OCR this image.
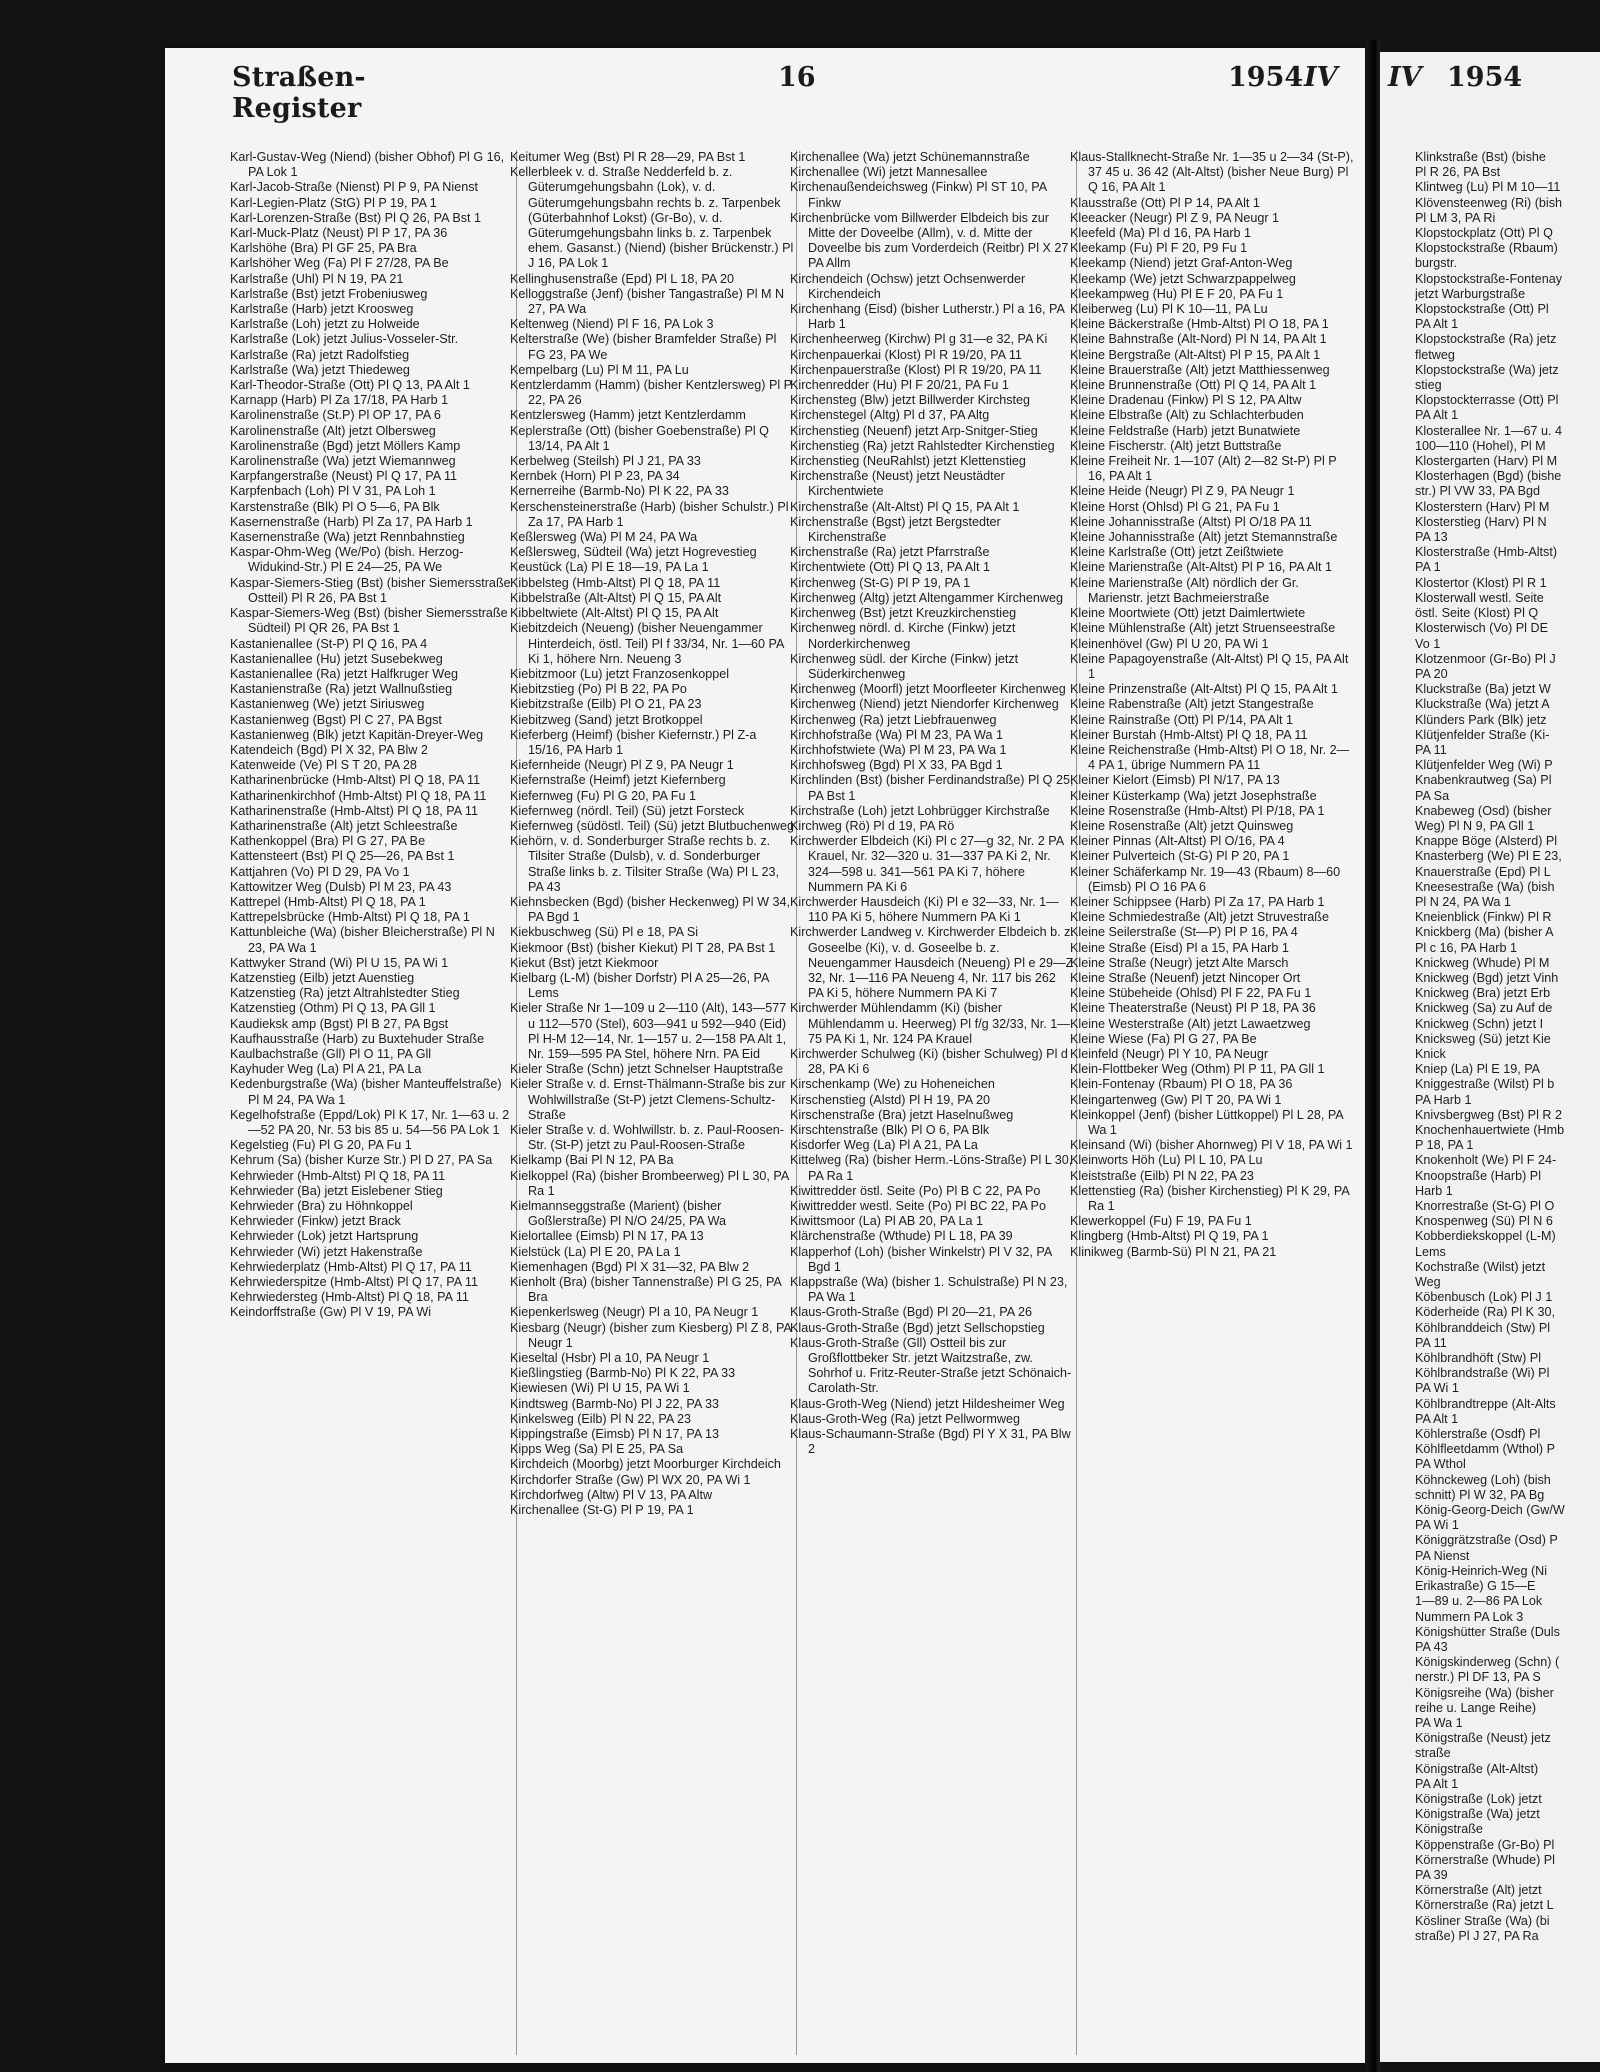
Straßen-Register
16	1954 IV IV 1954

Karl-Gustav-Weg (Niend) (bisher Obhof) Pl G 16, PA Lok 1

Karl-Jacob-Straße (Nienst) Pl P 9, PA Nienst

Karl-Legien-Platz (StG) Pl P 19, PA 1

Karl-Lorenzen-Straße (Bst) Pl Q 26, PA Bst 1

Karl-Muck-Platz (Neust) Pl P 17, PA 36

Karlshöhe (Bra) Pl GF 25, PA Bra

Karlshöher Weg (Fa) Pl F 27/28, PA Be

Karlstraße (Uhl) Pl N 19, PA 21

Karlstraße (Bst) jetzt Frobeniusweg

Karlstraße (Harb) jetzt Kroosweg

Karlstraße (Loh) jetzt zu Holweide

Karlstraße (Lok) jetzt Julius-Vosseler-Str.

Karlstraße (Ra) jetzt Radolfstieg

Karlstraße (Wa) jetzt Thiedeweg

Karl-Theodor-Straße (Ott) Pl Q 13, PA Alt 1

Karnapp (Harb) Pl Za 17/18, PA Harb 1

Karolinenstraße (St.P) Pl OP 17, PA 6

Karolinenstraße (Alt) jetzt Olberswеg

Karolinenstraße (Bgd) jetzt Möllers Kamp

Karolinenstraße (Wa) jetzt Wiemannweg

Karpfangerstraße (Neust) Pl Q 17, PA 11

Karpfenbach (Loh) Pl V 31, PA Loh 1

Karstenstraße (Blk) Pl O 5—6, PA Blk

Kasernenstraße (Harb) Pl Za 17, PA Harb 1

Kasernenstraße (Wa) jetzt Rennbahnstieg

Kaspar-Ohm-Weg (We/Po) (bish. Herzog-Widukind-Str.) Pl E 24—25, PA We

Kaspar-Siemers-Stieg (Bst) (bisher Siemersstraße Ostteil) Pl R 26, PA Bst 1

Kaspar-Siemers-Weg (Bst) (bisher Siemersstraße Südteil) Pl QR 26, PA Bst 1

Kastanienallee (St-P) Pl Q 16, PA 4

Kastanienallee (Hu) jetzt Susebekweg

Kastanienallee (Ra) jetzt Halfkruger Weg

Kastanienstraße (Ra) jetzt Wallnußstieg

Kastanienweg (We) jetzt Siriusweg

Kastanienweg (Bgst) Pl C 27, PA Bgst

Kastanienweg (Blk) jetzt Kapitän-Dreyer-Weg

Katendeich (Bgd) Pl X 32, PA Blw 2

Katenweide (Ve) Pl S T 20, PA 28

Katharinenbrücke (Hmb-Altst) Pl Q 18, PA 11

Katharinenkirchhof (Hmb-Altst) Pl Q 18, PA 11

Katharinenstraße (Hmb-Altst) Pl Q 18, PA 11

Katharinenstraße (Alt) jetzt Schleestraße

Kathenkoppel (Bra) Pl G 27, PA Be

Kattensteert (Bst) Pl Q 25—26, PA Bst 1

Kattjahren (Vo) Pl D 29, PA Vo 1

Kattowitzer Weg (Dulsb) Pl M 23, PA 43

Kattrepel (Hmb-Altst) Pl Q 18, PA 1

Kattrepelsbrücke (Hmb-Altst) Pl Q 18, PA 1

Kattunbleiche (Wa) (bisher Bleicherstraße) Pl N 23, PA Wa 1

Kattwyker Strand (Wi) Pl U 15, PA Wi 1

Katzenstieg (Eilb) jetzt Auenstieg

Katzenstieg (Ra) jetzt Altrahlstedter Stieg

Katzenstieg (Othm) Pl Q 13, PA Gll 1

Kaudieksk amp (Bgst) Pl B 27, PA Bgst

Kaufhausstraße (Harb) zu Buxtehuder Straße

Kaulbachstraße (Gll) Pl O 11, PA Gll

Kayhuder Weg (La) Pl A 21, PA La

Kedenburgstraße (Wa) (bisher Manteuffelstraße) Pl M 24, PA Wa 1

Kegelhofstraße (Eppd/Lok) Pl K 17, Nr. 1—63 u. 2—52 PA 20, Nr. 53 bis 85 u. 54—56 PA Lok 1

Kegelstieg (Fu) Pl G 20, PA Fu 1

Kehrum (Sa) (bisher Kurze Str.) Pl D 27, PA Sa

Kehrwieder (Hmb-Altst) Pl Q 18, PA 11

Kehrwieder (Ba) jetzt Eislebener Stieg

Kehrwieder (Bra) zu Höhnkoppel

Kehrwieder (Finkw) jetzt Brack

Kehrwieder (Lok) jetzt Hartsprung

Kehrwieder (Wi) jetzt Hakenstraße

Kehrwiederplatz (Hmb-Altst) Pl Q 17, PA 11

Kehrwiederspitze (Hmb-Altst) Pl Q 17, PA 11

Kehrwiedersteg (Hmb-Altst) Pl Q 18, PA 11

Keindorffstraße (Gw) Pl V 19, PA Wi

Keitumer Weg (Bst) Pl R 28—29, PA Bst 1

Kellerbleek v. d. Straße Nedderfeld b. z. Güterumgehungsbahn (Lok), v. d. Güterumgehungsbahn rechts b. z. Tarpenbek (Güterbahnhof Lokst) (Gr-Bo), v. d. Güterumgehungsbahn links b. z. Tarpenbek ehem. Gasanst.) (Niend) (bisher Brückenstr.) Pl J 16, PA Lok 1

Kellinghusenstraße (Epd) Pl L 18, PA 20

Kelloggstraße (Jenf) (bisher Tangastraße) Pl M N 27, PA Wa

Keltenweg (Niend) Pl F 16, PA Lok 3

Kelterstraße (We) (bisher Bramfelder Straße) Pl FG 23, PA We

Kempelbarg (Lu) Pl M 11, PA Lu

Kentzlerdamm (Hamm) (bisher Kentzlersweg) Pl P 22, PA 26

Kentzlersweg (Hamm) jetzt Kentzlerdamm

Keplerstraße (Ott) (bisher Goebenstraße) Pl Q 13/14, PA Alt 1

Kerbelweg (Steilsh) Pl J 21, PA 33

Kernbek (Horn) Pl P 23, PA 34

Kernerreihe (Barmb-No) Pl K 22, PA 33

Kerschensteinerstraße (Harb) (bisher Schulstr.) Pl Za 17, PA Harb 1

Keßlersweg (Wa) Pl M 24, PA Wa

Keßlersweg, Südteil (Wa) jetzt Hogrevestieg

Keustück (La) Pl E 18—19, PA La 1

Kibbelsteg (Hmb-Altst) Pl Q 18, PA 11

Kibbelstraße (Alt-Altst) Pl Q 15, PA Alt

Kibbeltwiete (Alt-Altst) Pl Q 15, PA Alt

Kiebitzdeich (Neueng) (bisher Neuengammer Hinterdeich, östl. Teil) Pl f 33/34, Nr. 1—60 PA Ki 1, höhere Nrn. Neueng 3

Kiebitzmoor (Lu) jetzt Franzosenkoppel

Kiebitzstieg (Po) Pl B 22, PA Po

Kiebitzstraße (Eilb) Pl O 21, PA 23

Kiebitzweg (Sand) jetzt Brotkoppel

Kieferberg (Heimf) (bisher Kiefernstr.) Pl Z-a 15/16, PA Harb 1

Kiefernheide (Neugr) Pl Z 9, PA Neugr 1

Kiefernstraße (Heimf) jetzt Kiefernberg

Kiefernweg (Fu) Pl G 20, PA Fu 1

Kiefernweg (nördl. Teil) (Sü) jetzt Forsteck

Kiefernweg (südöstl. Teil) (Sü) jetzt Blutbuchenweg

Kiehörn, v. d. Sonderburger Straße rechts b. z. Tilsiter Straße (Dulsb), v. d. Sonderburger Straße links b. z. Tilsiter Straße (Wa) Pl L 23, PA 43

Kiehnsbecken (Bgd) (bisher Heckenweg) Pl W 34, PA Bgd 1

Kiekbuschweg (Sü) Pl e 18, PA Si

Kiekmoor (Bst) (bisher Kiekut) Pl T 28, PA Bst 1

Kiekut (Bst) jetzt Kiekmoor

Kielbarg (L-M) (bisher Dorfstr) Pl A 25—26, PA Lems

Kieler Straße Nr 1—109 u 2—110 (Alt), 143—577 u 112—570 (Stel), 603—941 u 592—940 (Eid) Pl H-M 12—14, Nr. 1—157 u. 2—158 PA Alt 1, Nr. 159—595 PA Stel, höhere Nrn. PA Eid

Kieler Straße (Schn) jetzt Schnelser Hauptstraße

Kieler Straße v. d. Ernst-Thälmann-Straße bis zur Wohlwillstraße (St-P) jetzt Clemens-Schultz-Straße

Kieler Straße v. d. Wohlwillstr. b. z. Paul-Roosen-Str. (St-P) jetzt zu Paul-Roosen-Straße

Kielkamp (Bai Pl N 12, PA Ba

Kielkoppel (Ra) (bisher Brombeerweg) Pl L 30, PA Ra 1

Kielmannseggstraße (Marient) (bisher Goßlerstraße) Pl N/O 24/25, PA Wa

Kielortallee (Eimsb) Pl N 17, PA 13

Kielstück (La) Pl E 20, PA La 1

Kiemenhagen (Bgd) Pl X 31—32, PA Blw 2

Kienholt (Bra) (bisher Tannenstraße) Pl G 25, PA Bra

Kiepenkerlsweg (Neugr) Pl a 10, PA Neugr 1

Kiesbarg (Neugr) (bisher zum Kiesberg) Pl Z 8, PA Neugr 1

Kieseltal (Hsbr) Pl a 10, PA Neugr 1

Kießlingstieg (Barmb-No) Pl K 22, PA 33

Kiewiesen (Wi) Pl U 15, PA Wi 1

Kindtsweg (Barmb-No) Pl J 22, PA 33

Kinkelsweg (Eilb) Pl N 22, PA 23

Kippingstraße (Eimsb) Pl N 17, PA 13

Kipps Weg (Sa) Pl E 25, PA Sa

Kirchdeich (Moorbg) jetzt Moorburger Kirchdeich

Kirchdorfer Straße (Gw) Pl WX 20, PA Wi 1

Kirchdorfweg (Altw) Pl V 13, PA Altw

Kirchenallee (St-G) Pl P 19, PA 1

Kirchenallee (Wa) jetzt Schünemannstraße

Kirchenallee (Wi) jetzt Mannesallee

Kirchenaußendeichsweg (Finkw) Pl ST 10, PA Finkw

Kirchenbrücke vom Billwerder Elbdeich bis zur Mitte der Doveelbe (Allm), v. d. Mitte der Doveelbe bis zum Vorderdeich (Reitbr) Pl X 27 PA Allm

Kirchendeich (Ochsw) jetzt Ochsenwerder Kirchendeich

Kirchenhang (Eisd) (bisher Lutherstr.) Pl a 16, PA Harb 1

Kirchenheerweg (Kirchw) Pl g 31—e 32, PA Ki

Kirchenpauerkai (Klost) Pl R 19/20, PA 11

Kirchenpauerstraße (Klost) Pl R 19/20, PA 11

Kirchenredder (Hu) Pl F 20/21, PA Fu 1

Kirchensteg (Blw) jetzt Billwerder Kirchsteg

Kirchenstegel (Altg) Pl d 37, PA Altg

Kirchenstieg (Neuenf) jetzt Arp-Snitger-Stieg

Kirchenstieg (Ra) jetzt Rahlstedter Kirchenstieg

Kirchenstieg (NeuRahlst) jetzt Klettenstieg

Kirchenstraße (Neust) jetzt Neustädter Kirchentwiete

Kirchenstraße (Alt-Altst) Pl Q 15, PA Alt 1

Kirchenstraße (Bgst) jetzt Bergstedter Kirchenstraße

Kirchenstraße (Ra) jetzt Pfarrstraße

Kirchentwiete (Ott) Pl Q 13, PA Alt 1

Kirchenweg (St-G) Pl P 19, PA 1

Kirchenweg (Altg) jetzt Altengammer Kirchenweg

Kirchenweg (Bst) jetzt Kreuzkirchenstieg

Kirchenweg nördl. d. Kirche (Finkw) jetzt Norderkirchenweg

Kirchenweg südl. der Kirche (Finkw) jetzt Süderkirchenweg

Kirchenweg (Moorfl) jetzt Moorfleeter Kirchenweg

Kirchenweg (Niend) jetzt Niendorfer Kirchenweg

Kirchenweg (Ra) jetzt Liebfrauenweg

Kirchhofstraße (Wa) Pl M 23, PA Wa 1

Kirchhofstwiete (Wa) Pl M 23, PA Wa 1

Kirchhofsweg (Bgd) Pl X 33, PA Bgd 1

Kirchlinden (Bst) (bisher Ferdinandstraße) Pl Q 25, PA Bst 1

Kirchstraße (Loh) jetzt Lohbrügger Kirchstraße

Kirchweg (Rö) Pl d 19, PA Rö

Kirchwerder Elbdeich (Ki) Pl c 27—g 32, Nr. 2 PA Krauel, Nr. 32—320 u. 31—337 PA Ki 2, Nr. 324—598 u. 341—561 PA Ki 7, höhere Nummern PA Ki 6

Kirchwerder Hausdeich (Ki) Pl e 32—33, Nr. 1—110 PA Ki 5, höhere Nummern PA Ki 1

Kirchwerder Landweg v. Kirchwerder Elbdeich b. z. Goseelbe (Ki), v. d. Goseelbe b. z. Neuengammer Hausdeich (Neueng) Pl e 29—Z 32, Nr. 1—116 PA Neueng 4, Nr. 117 bis 262 PA Ki 5, höhere Nummern PA Ki 7

Kirchwerder Mühlendamm (Ki) (bisher Mühlendamm u. Heerweg) Pl f/g 32/33, Nr. 1—75 PA Ki 1, Nr. 124 PA Krauel

Kirchwerder Schulweg (Ki) (bisher Schulweg) Pl d 28, PA Ki 6

Kirschenkamp (We) zu Hoheneichen

Kirschenstieg (Alstd) Pl H 19, PA 20

Kirschenstraße (Bra) jetzt Haselnußweg

Kirschtenstraße (Blk) Pl O 6, PA Blk

Kisdorfer Weg (La) Pl A 21, PA La

Kittelweg (Ra) (bisher Herm.-Löns-Straße) Pl L 30, PA Ra 1

Kiwittredder östl. Seite (Po) Pl B C 22, PA Po

Kiwittredder westl. Seite (Po) Pl BC 22, PA Po

Kiwittsmoor (La) Pl AB 20, PA La 1

Klärchenstraße (Wthude) Pl L 18, PA 39

Klapperhof (Loh) (bisher Winkelstr) Pl V 32, PA Bgd 1

Klappstraße (Wa) (bisher 1. Schulstraße) Pl N 23, PA Wa 1

Klaus-Groth-Straße (Bgd) Pl 20—21, PA 26

Klaus-Groth-Straße (Bgd) jetzt Sellschopstieg

Klaus-Groth-Straße (Gll) Ostteil bis zur Großflottbeker Str. jetzt Waitzstraße, zw. Sohrhof u. Fritz-Reuter-Straße jetzt Schönaich-Carolath-Str.

Klaus-Groth-Weg (Niend) jetzt Hildesheimer Weg

Klaus-Groth-Weg (Ra) jetzt Pellwormweg

Klaus-Schaumann-Straße (Bgd) Pl Y X 31, PA Blw 2

Klaus-Stallknecht-Straße Nr. 1—35 u 2—34 (St-P), 37 45 u. 36 42 (Alt-Altst) (bisher Neue Burg) Pl Q 16, PA Alt 1

Klausstraße (Ott) Pl P 14, PA Alt 1

Kleeacker (Neugr) Pl Z 9, PA Neugr 1

Kleefeld (Ma) Pl d 16, PA Harb 1

Kleekamp (Fu) Pl F 20, P9 Fu 1

Kleekamp (Niend) jetzt Graf-Anton-Weg

Kleekamp (We) jetzt Schwarzpappelweg

Kleekampweg (Hu) Pl E F 20, PA Fu 1

Kleiberweg (Lu) Pl K 10—11, PA Lu

Kleine Bäckerstraße (Hmb-Altst) Pl O 18, PA 1

Kleine Bahnstraße (Alt-Nord) Pl N 14, PA Alt 1

Kleine Bergstraße (Alt-Altst) Pl P 15, PA Alt 1

Kleine Brauerstraße (Alt) jetzt Matthiessenweg

Kleine Brunnenstraße (Ott) Pl Q 14, PA Alt 1

Kleine Dradenau (Finkw) Pl S 12, PA Altw

Kleine Elbstraße (Alt) zu Schlachterbuden

Kleine Feldstraße (Harb) jetzt Bunatwiete

Kleine Fischerstr. (Alt) jetzt Buttstraße

Kleine Freiheit Nr. 1—107 (Alt) 2—82 St-P) Pl P 16, PA Alt 1

Kleine Heide (Neugr) Pl Z 9, PA Neugr 1

Kleine Horst (Ohlsd) Pl G 21, PA Fu 1

Kleine Johannisstraße (Altst) Pl O/18 PA 11

Kleine Johannisstraße (Alt) jetzt Stemannstraße

Kleine Karlstraße (Ott) jetzt Zeißtwiete

Kleine Marienstraße (Alt-Altst) Pl P 16, PA Alt 1

Kleine Marienstraße (Alt) nördlich der Gr. Marienstr. jetzt Bachmeierstraße

Kleine Moortwiete (Ott) jetzt Daimlertwiete

Kleine Mühlenstraße (Alt) jetzt Struenseestraße

Kleinenhövel (Gw) Pl U 20, PA Wi 1

Kleine Papagoyenstraße (Alt-Altst) Pl Q 15, PA Alt 1

Kleine Prinzenstraße (Alt-Altst) Pl Q 15, PA Alt 1

Kleine Rabenstraße (Alt) jetzt Stangestraße

Kleine Rainstraße (Ott) Pl P/14, PA Alt 1

Kleiner Burstah (Hmb-Altst) Pl Q 18, PA 11

Kleine Reichenstraße (Hmb-Altst) Pl O 18, Nr. 2—4 PA 1, übrige Nummern PA 11

Kleiner Kielort (Eimsb) Pl N/17, PA 13

Kleiner Küsterkamp (Wa) jetzt Josephstraße

Kleine Rosenstraße (Hmb-Altst) Pl P/18, PA 1

Kleine Rosenstraße (Alt) jetzt Quinsweg

Kleiner Pinnas (Alt-Altst) Pl O/16, PA 4

Kleiner Pulverteich (St-G) Pl P 20, PA 1

Kleiner Schäferkamp Nr. 19—43 (Rbaum) 8—60 (Eimsb) Pl O 16 PA 6

Kleiner Schippsee (Harb) Pl Za 17, PA Harb 1

Kleine Schmiedestraße (Alt) jetzt Struvestraße

Kleine Seilerstraße (St—P) Pl P 16, PA 4

Kleine Straße (Eisd) Pl a 15, PA Harb 1

Kleine Straße (Neugr) jetzt Alte Marsch

Kleine Straße (Neuenf) jetzt Nincoper Ort

Kleine Stübeheide (Ohlsd) Pl F 22, PA Fu 1

Kleine Theaterstraße (Neust) Pl P 18, PA 36

Kleine Westerstraße (Alt) jetzt Lawaetzweg

Kleine Wiese (Fa) Pl G 27, PA Be

Kleinfeld (Neugr) Pl Y 10, PA Neugr

Klein-Flottbeker Weg (Othm) Pl P 11, PA Gll 1

Klein-Fontenay (Rbaum) Pl O 18, PA 36

Kleingartenweg (Gw) Pl T 20, PA Wi 1

Kleinkoppel (Jenf) (bisher Lüttkoppel) Pl L 28, PA Wa 1

Kleinsand (Wi) (bisher Ahornweg) Pl V 18, PA Wi 1

Kleinworts Höh (Lu) Pl L 10, PA Lu

Kleiststraße (Eilb) Pl N 22, PA 23

Klettenstieg (Ra) (bisher Kirchenstieg) Pl K 29, PA Ra 1

Klewerkoppel (Fu) F 19, PA Fu 1

Klingberg (Hmb-Altst) Pl Q 19, PA 1

Klinikweg (Barmb-Sü) Pl N 21, PA 21

Klinkstraße (Bst) (bishe

Pl R 26, PA Bst

Klintweg (Lu) Pl M 10—11

Klövensteenweg (Ri) (bish

Pl LM 3, PA Ri

Klopstockplatz (Ott) Pl Q

Klopstockstraße (Rbaum)

burgstr.

Klopstockstraße-Fontenay

jetzt Warburgstraße

Klopstockstraße (Ott) Pl

PA Alt 1

Klopstockstraße (Ra) jetz

fletweg

Klopstockstraße (Wa) jetz

stieg

Klopstockterrasse (Ott) Pl

PA Alt 1

Klosterallee Nr. 1—67 u. 4

100—110 (Hohel), Pl M

Klostergarten (Harv) Pl M

Klosterhagen (Bgd) (bishe

str.) Pl VW 33, PA Bgd

Klosterstern (Harv) Pl M

Klosterstieg (Harv) Pl N

PA 13

Klosterstraße (Hmb-Altst)

PA 1

Klostertor (Klost) Pl R 1

Klosterwall westl. Seite

östl. Seite (Klost) Pl Q

Klosterwisch (Vo) Pl DE

Vo 1

Klotzenmoor (Gr-Bo) Pl J

PA 20

Kluckstraße (Ba) jetzt W

Kluckstraße (Wa) jetzt A

Klünders Park (Blk) jetz

Klütjenfelder Straße (Ki-

PA 11

Klütjenfelder Weg (Wi) P

Knabenkrautweg (Sa) Pl

PA Sa

Knabeweg (Osd) (bisher

Weg) Pl N 9, PA Gll 1

Knappe Böge (Alsterd) Pl

Knasterberg (We) Pl E 23,

Knauerstraße (Epd) Pl L

Kneesestraße (Wa) (bish

Pl N 24, PA Wa 1

Kneienblick (Finkw) Pl R

Knickberg (Ma) (bisher A

Pl c 16, PA Harb 1

Knickweg (Whude) Pl M

Knickweg (Bgd) jetzt Vinh

Knickweg (Bra) jetzt Erb

Knickweg (Sa) zu Auf de

Knickweg (Schn) jetzt I

Knicksweg (Sü) jetzt Kie

Knick

Kniep (La) Pl E 19, PA

Kniggestraße (Wilst) Pl b

PA Harb 1

Knivsbergweg (Bst) Pl R 2

Knochenhauertwiete (Hmb

P 18, PA 1

Knokenholt (We) Pl F 24-

Knoopstraße (Harb) Pl

Harb 1

Knorrestraße (St-G) Pl O

Knospenweg (Sü) Pl N 6

Kobberdiekskoppel (L-M)

Lems

Kochstraße (Wilst) jetzt

Weg

Köbenbusch (Lok) Pl J 1

Köderheide (Ra) Pl K 30,

Köhlbranddeich (Stw) Pl

PA 11

Köhlbrandhöft (Stw) Pl

Köhlbrandstraße (Wi) Pl

PA Wi 1

Köhlbrandtreppe (Alt-Alts

PA Alt 1

Köhlerstraße (Osdf) Pl

Köhlfleetdamm (Wthol) P

PA Wthol

Köhnckeweg (Loh) (bish

schnitt) Pl W 32, PA Bg

König-Georg-Deich (Gw/W

PA Wi 1

Königgrätzstraße (Osd) P

PA Nienst

König-Heinrich-Weg (Ni

Erikastraße) G 15—E

1—89 u. 2—86 PA Lok

Nummern PA Lok 3

Königshütter Straße (Duls

PA 43

Königskinderweg (Schn) (

nerstr.) Pl DF 13, PA S

Königsreihe (Wa) (bisher

reihe u. Lange Reihe)

PA Wa 1

Königstraße (Neust) jetz

straße

Königstraße (Alt-Altst)

PA Alt 1

Königstraße (Lok) jetzt

Königstraße (Wa) jetzt

Königstraße

Köppenstraße (Gr-Bo) Pl

Körnerstraße (Whude) Pl

PA 39

Körnerstraße (Alt) jetzt

Körnerstraße (Ra) jetzt L

Kösliner Straße (Wa) (bi

straße) Pl J 27, PA Ra
